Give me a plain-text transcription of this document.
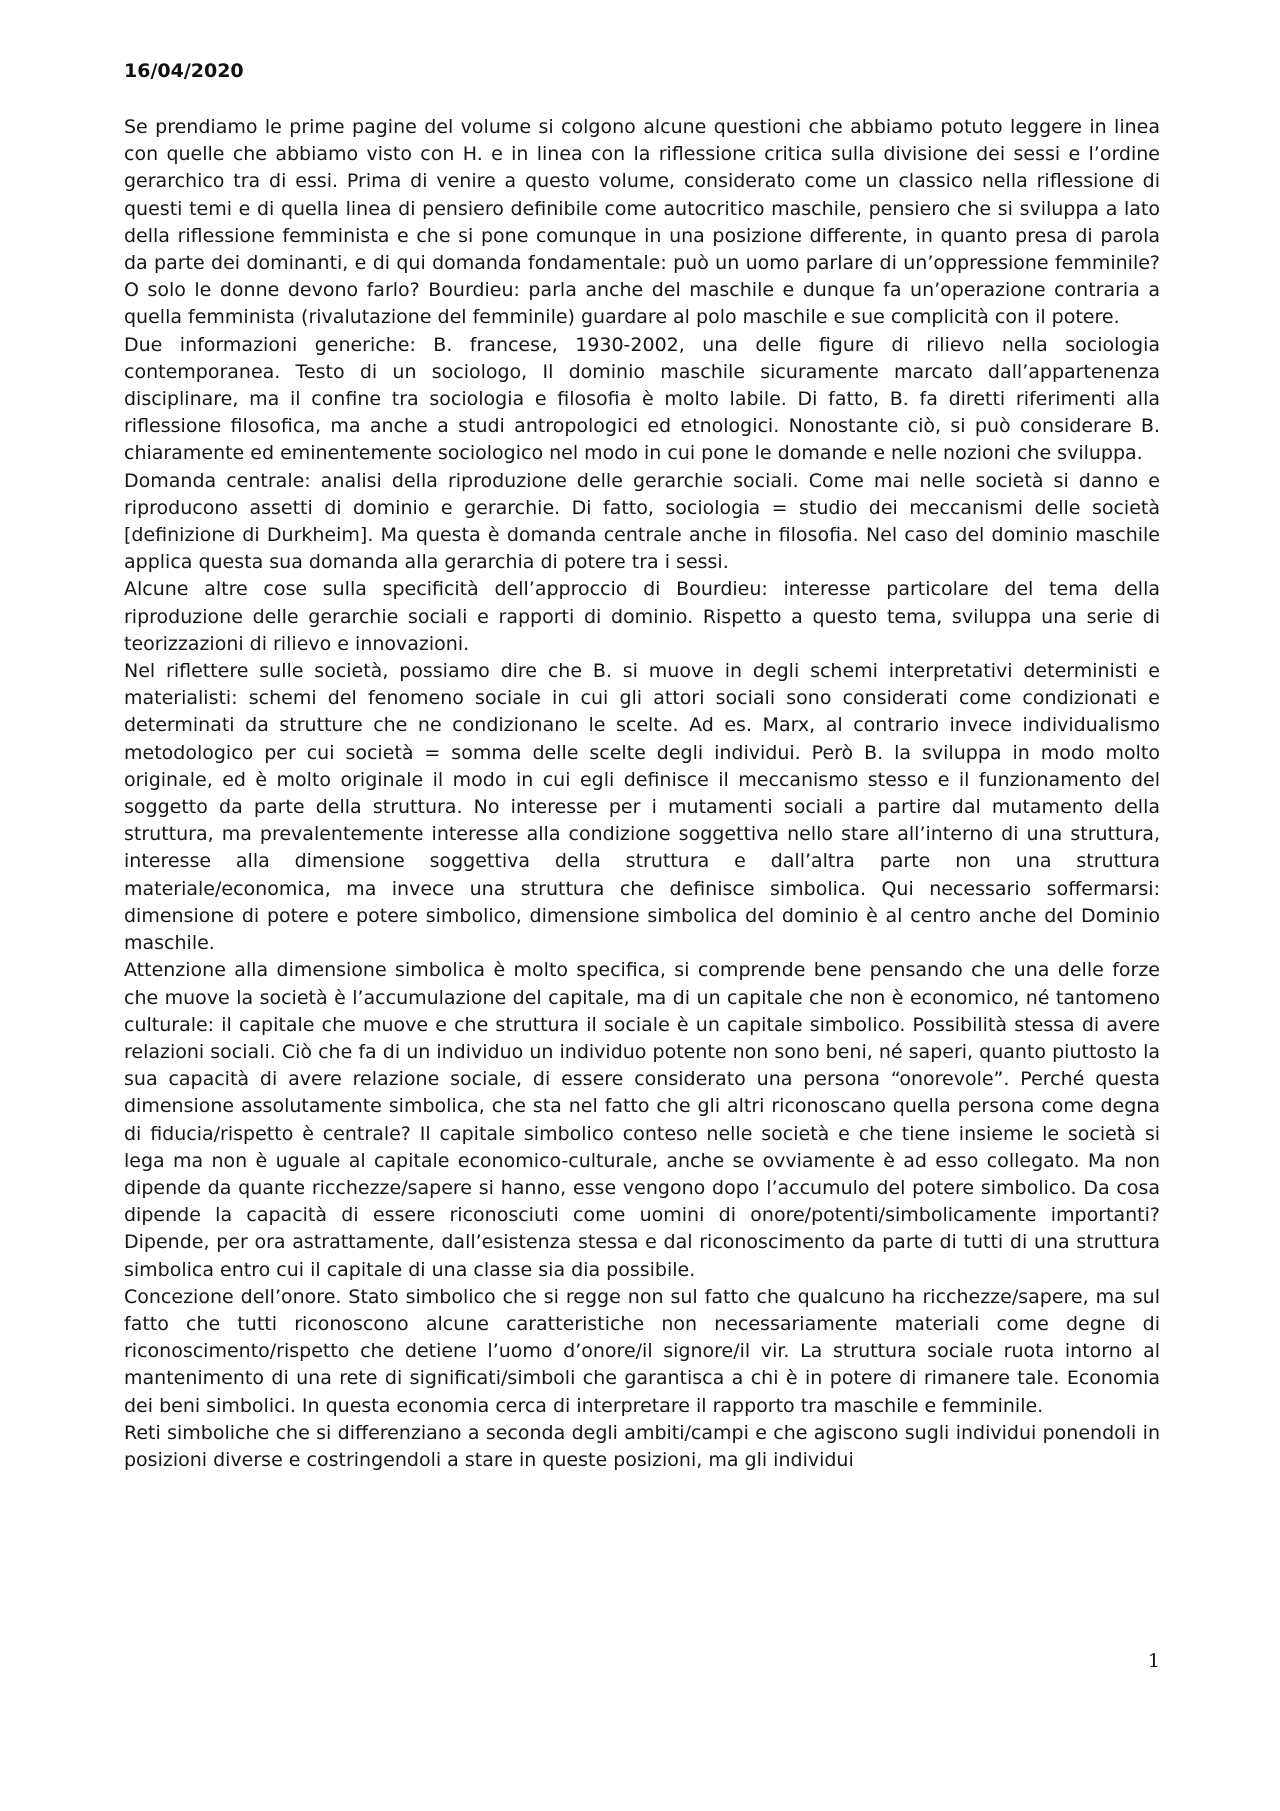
16/04/2020

Se prendiamo le prime pagine del volume si colgono alcune questioni che abbiamo potuto leggere in linea con quelle che abbiamo visto con H. e in linea con la riflessione critica sulla divisione dei sessi e l’ordine gerarchico tra di essi. Prima di venire a questo volume, considerato come un classico nella riflessione di questi temi e di quella linea di pensiero definibile come autocritico maschile, pensiero che si sviluppa a lato della riflessione femminista e che si pone comunque in una posizione differente, in quanto presa di parola da parte dei dominanti, e di qui domanda fondamentale: può un uomo parlare di un’oppressione femminile? O solo le donne devono farlo? Bourdieu: parla anche del maschile e dunque fa un’operazione contraria a quella femminista (rivalutazione del femminile) guardare al polo maschile e sue complicità con il potere.

Due informazioni generiche: B. francese, 1930-2002, una delle figure di rilievo nella sociologia contemporanea. Testo di un sociologo, Il dominio maschile sicuramente marcato dall’appartenenza disciplinare, ma il confine tra sociologia e filosofia è molto labile. Di fatto, B. fa diretti riferimenti alla riflessione filosofica, ma anche a studi antropologici ed etnologici. Nonostante ciò, si può considerare B. chiaramente ed eminentemente sociologico nel modo in cui pone le domande e nelle nozioni che sviluppa.

Domanda centrale: analisi della riproduzione delle gerarchie sociali. Come mai nelle società si danno e riproducono assetti di dominio e gerarchie. Di fatto, sociologia = studio dei meccanismi delle società [definizione di Durkheim]. Ma questa è domanda centrale anche in filosofia. Nel caso del dominio maschile applica questa sua domanda alla gerarchia di potere tra i sessi.

Alcune altre cose sulla specificità dell’approccio di Bourdieu: interesse particolare del tema della riproduzione delle gerarchie sociali e rapporti di dominio. Rispetto a questo tema, sviluppa una serie di teorizzazioni di rilievo e innovazioni.

Nel riflettere sulle società, possiamo dire che B. si muove in degli schemi interpretativi deterministi e materialisti: schemi del fenomeno sociale in cui gli attori sociali sono considerati come condizionati e determinati da strutture che ne condizionano le scelte. Ad es. Marx, al contrario invece individualismo metodologico per cui società = somma delle scelte degli individui. Però B. la sviluppa in modo molto originale, ed è molto originale il modo in cui egli definisce il meccanismo stesso e il funzionamento del soggetto da parte della struttura. No interesse per i mutamenti sociali a partire dal mutamento della struttura, ma prevalentemente interesse alla condizione soggettiva nello stare all’interno di una struttura, interesse alla dimensione soggettiva della struttura e dall’altra parte non una struttura materiale/economica, ma invece una struttura che definisce simbolica. Qui necessario soffermarsi: dimensione di potere e potere simbolico, dimensione simbolica del dominio è al centro anche del Dominio maschile.

Attenzione alla dimensione simbolica è molto specifica, si comprende bene pensando che una delle forze che muove la società è l’accumulazione del capitale, ma di un capitale che non è economico, né tantomeno culturale: il capitale che muove e che struttura il sociale è un capitale simbolico. Possibilità stessa di avere relazioni sociali. Ciò che fa di un individuo un individuo potente non sono beni, né saperi, quanto piuttosto la sua capacità di avere relazione sociale, di essere considerato una persona “onorevole”. Perché questa dimensione assolutamente simbolica, che sta nel fatto che gli altri riconoscano quella persona come degna di fiducia/rispetto è centrale? Il capitale simbolico conteso nelle società e che tiene insieme le società si lega ma non è uguale al capitale economico-culturale, anche se ovviamente è ad esso collegato. Ma non dipende da quante ricchezze/sapere si hanno, esse vengono dopo l’accumulo del potere simbolico. Da cosa dipende la capacità di essere riconosciuti come uomini di onore/potenti/simbolicamente importanti? Dipende, per ora astrattamente, dall’esistenza stessa e dal riconoscimento da parte di tutti di una struttura simbolica entro cui il capitale di una classe sia dia possibile.

Concezione dell’onore. Stato simbolico che si regge non sul fatto che qualcuno ha ricchezze/sapere, ma sul fatto che tutti riconoscono alcune caratteristiche non necessariamente materiali come degne di riconoscimento/rispetto che detiene l’uomo d’onore/il signore/il vir. La struttura sociale ruota intorno al mantenimento di una rete di significati/simboli che garantisca a chi è in potere di rimanere tale. Economia dei beni simbolici. In questa economia cerca di interpretare il rapporto tra maschile e femminile.

Reti simboliche che si differenziano a seconda degli ambiti/campi e che agiscono sugli individui ponendoli in posizioni diverse e costringendoli a stare in queste posizioni, ma gli individui

1
